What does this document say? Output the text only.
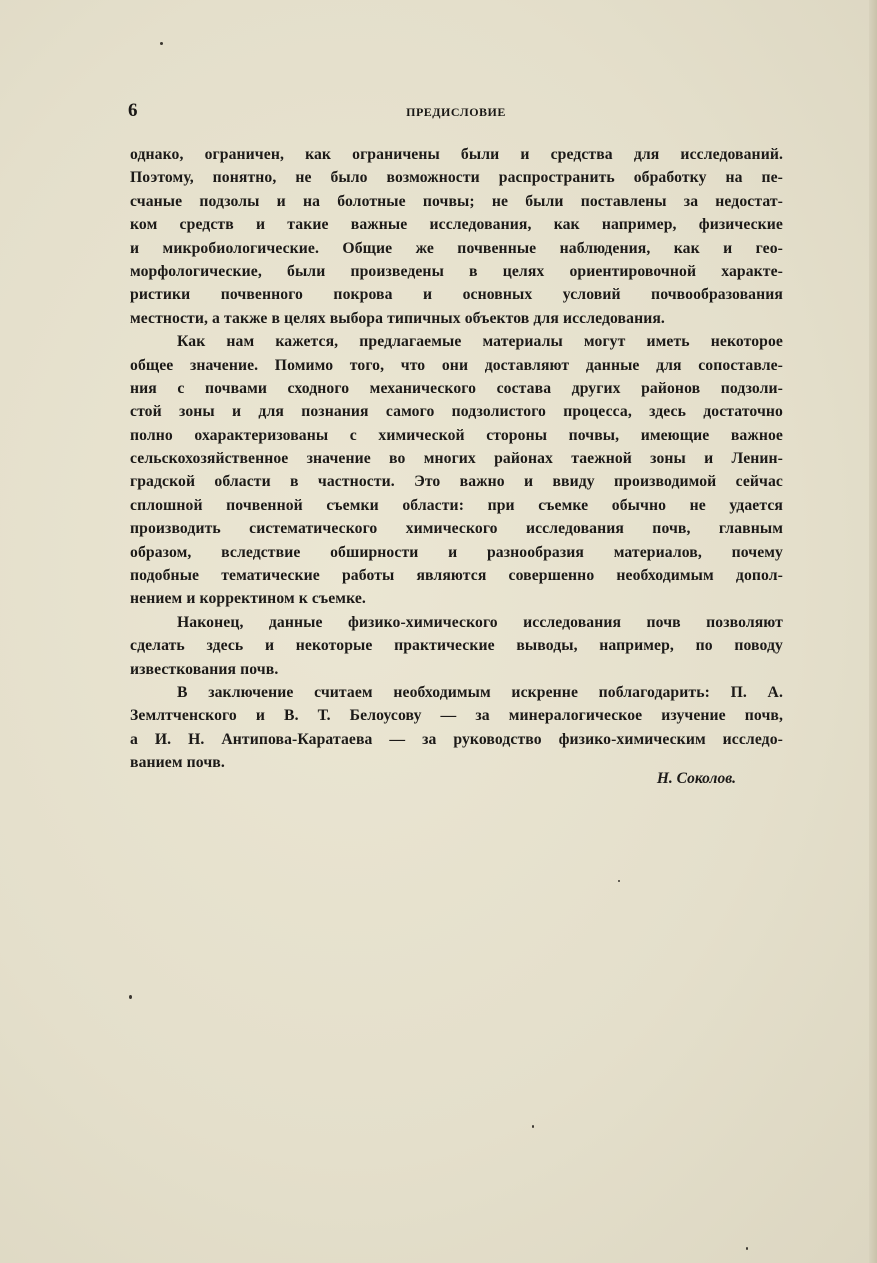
6	ПРЕДИСЛОВИЕ
однако, ограничен, как ограничены были и средства для исследований.
Поэтому, понятно, не было возможности распространить обработку на пе-
счаные подзолы и на болотные почвы; не были поставлены за недостат-
ком средств и такие важные исследования, как например, физические
и микробиологические. Общие же почвенные наблюдения, как и гео-
морфологические, были произведены в целях ориентировочной характе-
ристики почвенного покрова и основных условий почвообразования
местности, а также в целях выбора типичных объектов для исследования.
Как нам кажется, предлагаемые материалы могут иметь некоторое
общее значение. Помимо того, что они доставляют данные для сопоставле-
ния с почвами сходного механического состава других районов подзоли-
стой зоны и для познания самого подзолистого процесса, здесь достаточно
полно охарактеризованы с химической стороны почвы, имеющие важное
сельскохозяйственное значение во многих районах таежной зоны и Ленин-
градской области в частности. Это важно и ввиду производимой сейчас
сплошной почвенной съемки области: при съемке обычно не удается
производить систематического химического исследования почв, главным
образом, вследствие обширности и разнообразия материалов, почему
подобные тематические работы являются совершенно необходимым допол-
нением и корректином к съемке.
Наконец, данные физико-химического исследования почв позволяют
сделать здесь и некоторые практические выводы, например, по поводу
известкования почв.
В заключение считаем необходимым искренне поблагодарить: П. А.
Землтченского и В. Т. Белоусову — за минералогическое изучение почв,
а И. Н. Антипова-Каратаева — за руководство физико-химическим исследо-
ванием почв.
Н. Соколов.
